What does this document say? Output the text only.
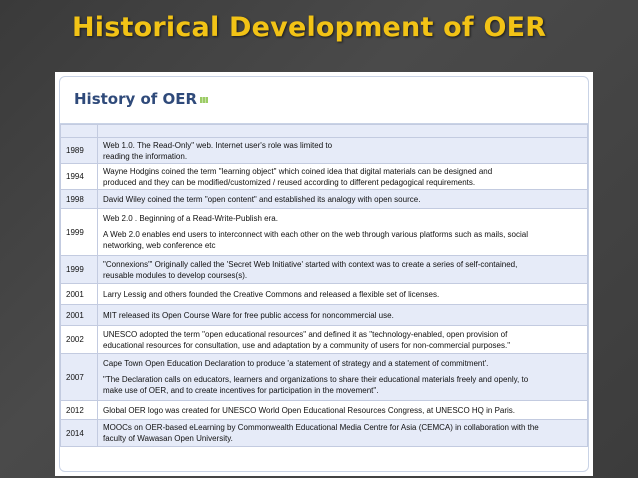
Historical Development of OER
History of OER

1989	Web 1.0. The Read-Only" web. Internet user's role was limited to
reading the information.

1994	Wayne Hodgins coined the term "learning object" which coined idea that digital materials can be designed and
produced and they can be modified/customized / reused according to different pedagogical requirements.

1998	David Wiley coined the term "open content" and established its analogy with open source.

1999	Web 2.0 . Beginning of a Read-Write-Publish era.
A Web 2.0 enables end users to interconnect with each other on the web through various platforms such as mails, social
networking, web conference etc

1999	"Connexions"' Originally called the 'Secret Web Initiative' started with context was to create a series of self-contained,
reusable modules to develop courses(s).

2001	Larry Lessig and others founded the Creative Commons and released a flexible set of licenses.

2001	MIT released its Open Course Ware for free public access for noncommercial use.

2002	UNESCO adopted the term "open educational resources" and defined it as "technology-enabled, open provision of
educational resources for consultation, use and adaptation by a community of users for non-commercial purposes."

2007	Cape Town Open Education Declaration to produce 'a statement of strategy and a statement of commitment'.
"The Declaration calls on educators, learners and organizations to share their educational materials freely and openly, to
make use of OER, and to create incentives for participation in the movement".

2012	Global OER logo was created for UNESCO World Open Educational Resources Congress, at UNESCO HQ in Paris.

2014	MOOCs on OER-based eLearning by Commonwealth Educational Media Centre for Asia (CEMCA) in collaboration with the
faculty of Wawasan Open University.
